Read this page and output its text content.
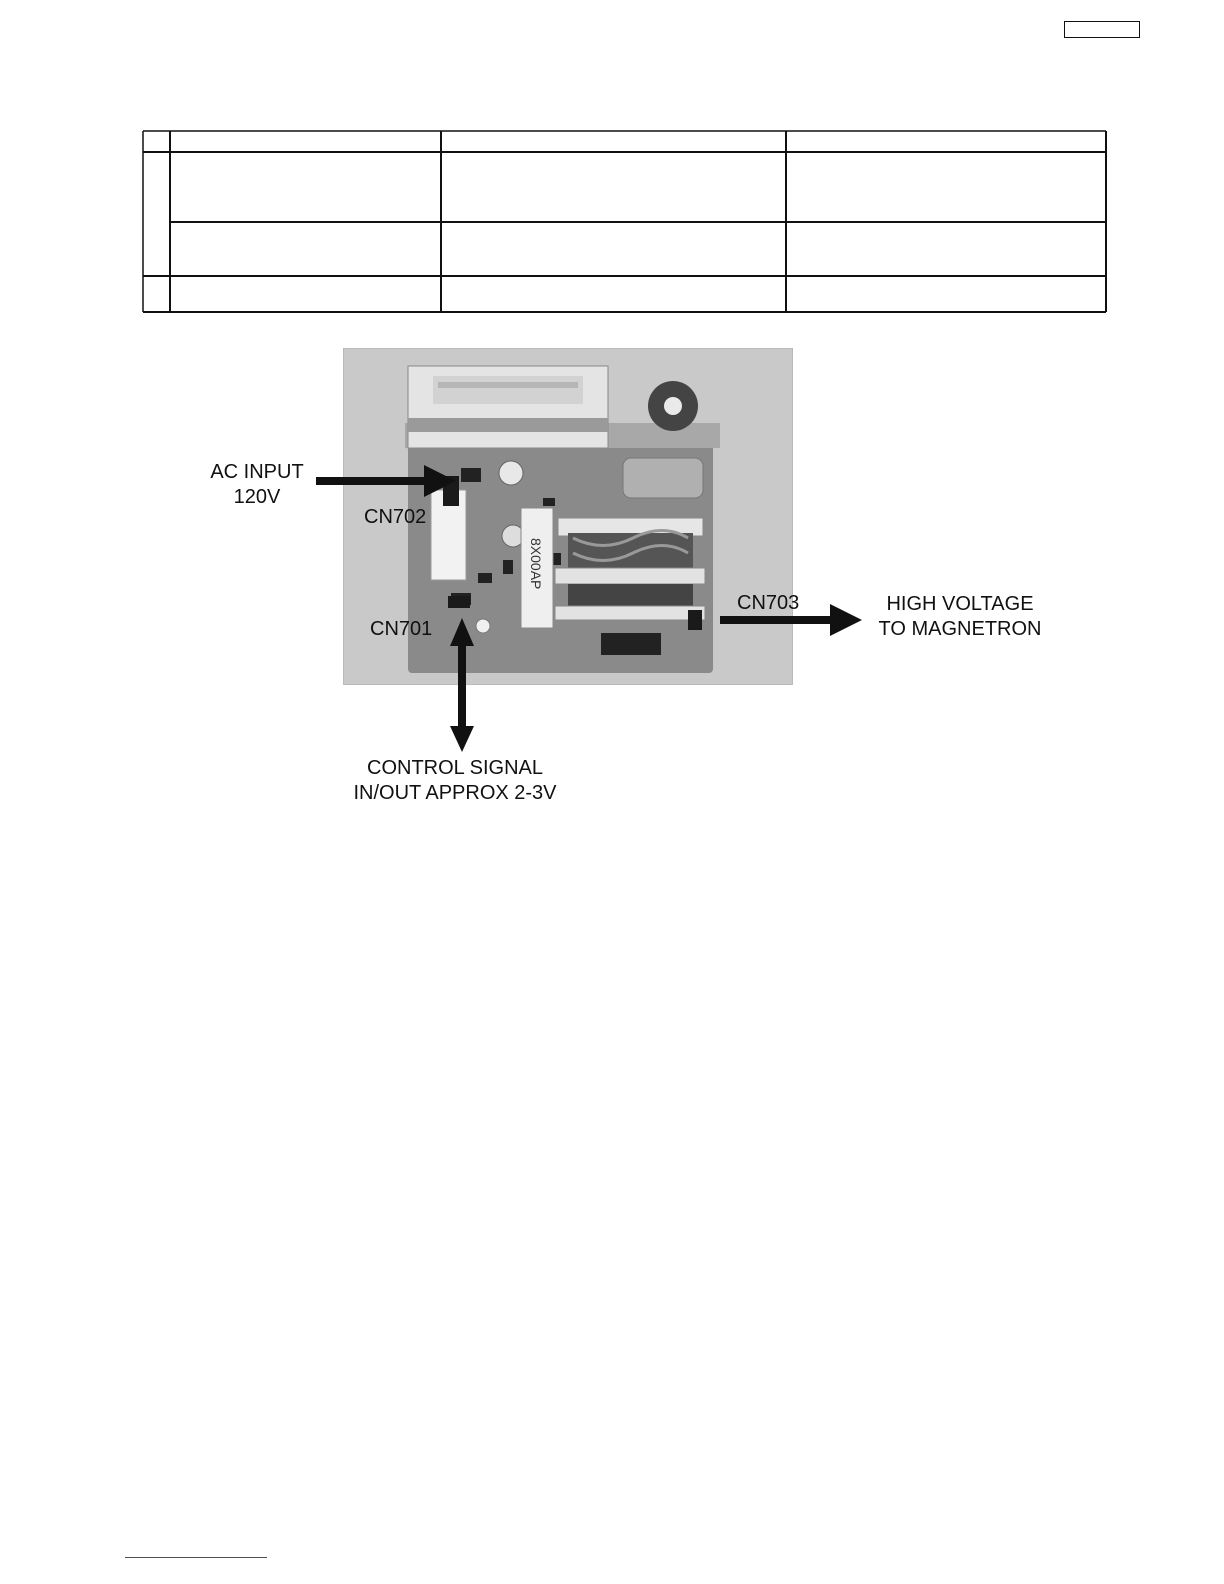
8X00AP
AC INPUT
120V
CN702
CN701
CN703	HIGH VOLTAGE
TO MAGNETRON
CONTROL SIGNAL
IN/OUT APPROX 2-3V
